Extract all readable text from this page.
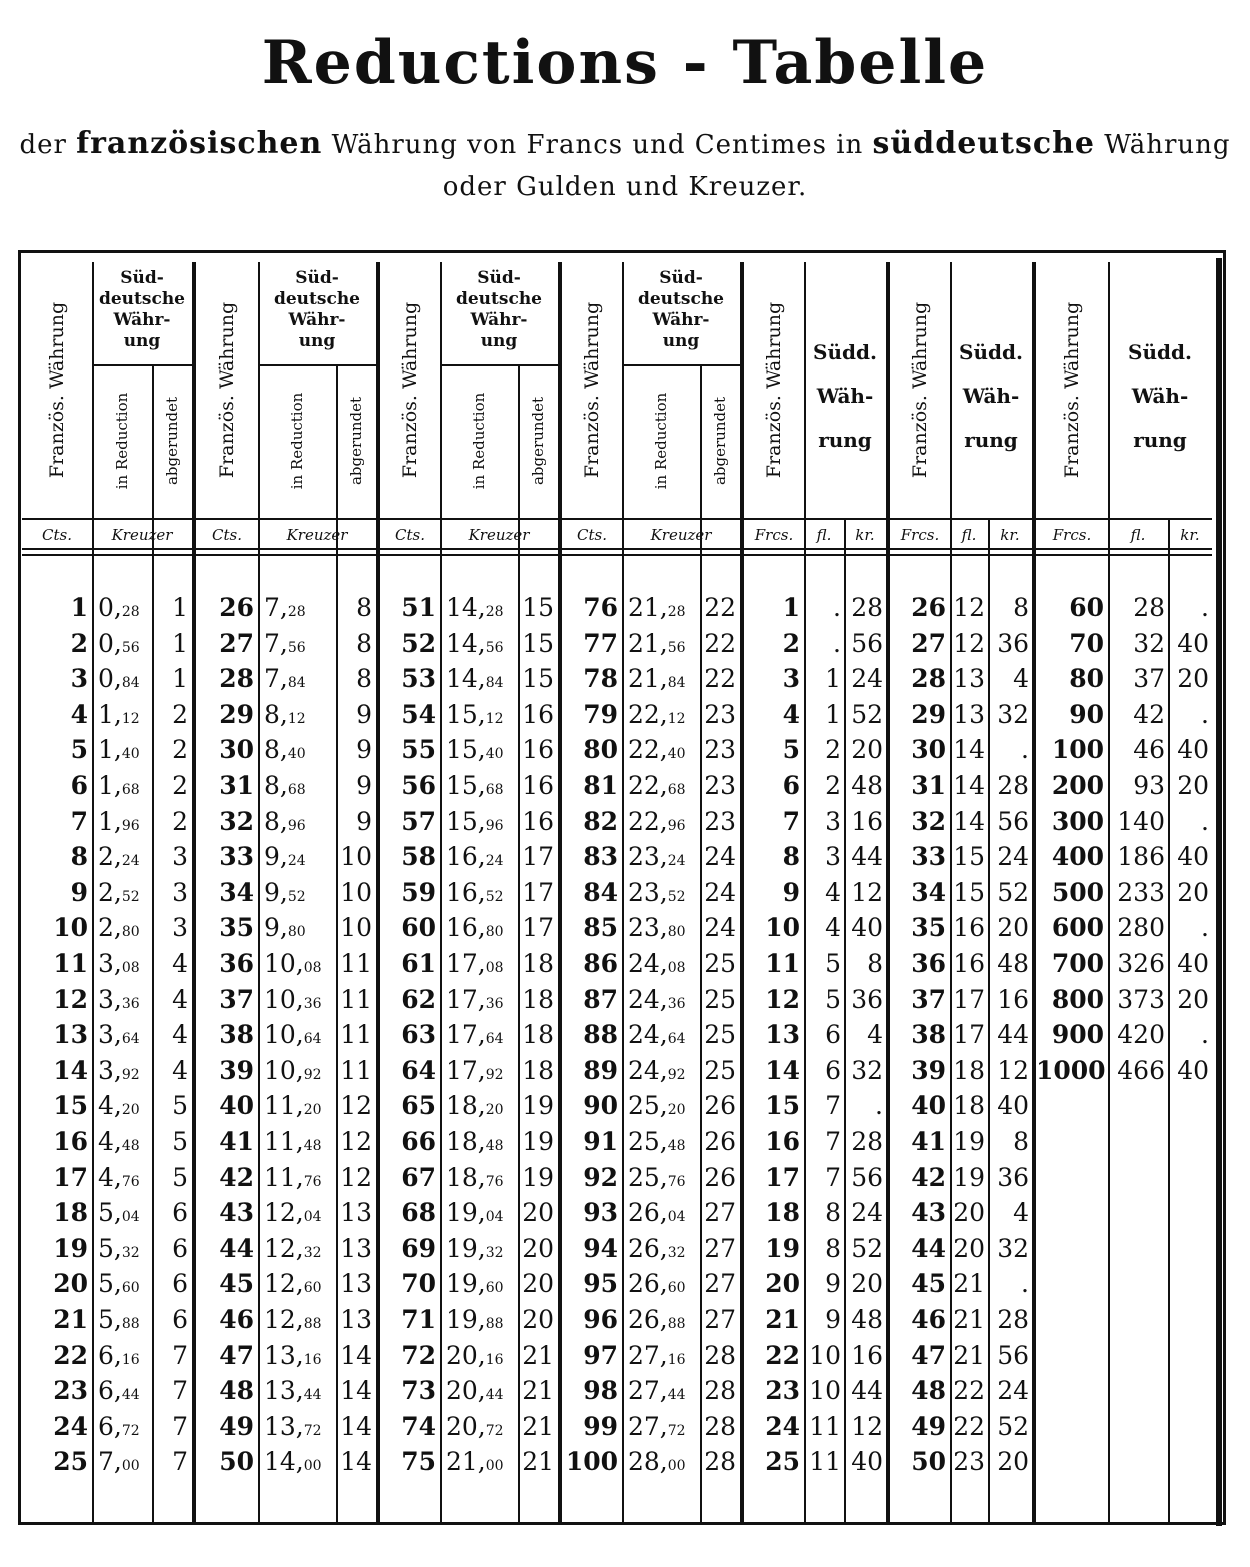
Reductions - Tabelle
der französischen Währung von Francs und Centimes in süddeutsche Währung
oder Gulden und Kreuzer.
Französ. Währung
Süd-
deutsche
Währ-
ung
in Reduction	abgerundet
Cts.	Kreuzer
Französ. Währung
Süd-
deutsche
Währ-
ung
in Reduction	abgerundet
Cts.	Kreuzer
Französ. Währung
Süd-
deutsche
Währ-
ung
in Reduction	abgerundet
Cts.	Kreuzer
Französ. Währung
Süd-
deutsche
Währ-
ung
in Reduction	abgerundet
Cts.	Kreuzer
Französ. Währung	Südd.
Wäh-
rung
Frcs.	fl.	kr.
Französ. Währung	Südd.
Wäh-
rung
Frcs.	fl.	kr.
Französ. Währung	Südd.
Wäh-
rung
Frcs.	fl.	kr.
1 0,28	1
2 0,56	1
3 0,84	1
4 1,12	2
5 1,40	2
6 1,68	2
7 1,96	2
8 2,24	3
9 2,52	3
10 2,80	3
11 3,08	4
12 3,36	4
13 3,64	4
14 3,92	4
15 4,20	5
16 4,48	5
17 4,76	5
18 5,04	6
19 5,32	6
20 5,60	6
21 5,88	6
22 6,16	7
23 6,44	7
24 6,72	7
25 7,00	7
26 7,28	8
27 7,56	8
28 7,84	8
29 8,12	9
30 8,40	9
31 8,68	9
32 8,96	9
33 9,24 10
34 9,52 10
35 9,80 10
36 10,08 11
37 10,36 11
38 10,64 11
39 10,92 11
40 11,20 12
41 11,48 12
42 11,76 12
43 12,04 13
44 12,32 13
45 12,60 13
46 12,88 13
47 13,16 14
48 13,44 14
49 13,72 14
50 14,00 14
51 14,28 15
52 14,56 15
53 14,84 15
54 15,12 16
55 15,40 16
56 15,68 16
57 15,96 16
58 16,24 17
59 16,52 17
60 16,80 17
61 17,08 18
62 17,36 18
63 17,64 18
64 17,92 18
65 18,20 19
66 18,48 19
67 18,76 19
68 19,04 20
69 19,32 20
70 19,60 20
71 19,88 20
72 20,16 21
73 20,44 21
74 20,72 21
75 21,00 21
76 21,28 22
77 21,56 22
78 21,84 22
79 22,12 23
80 22,40 23
81 22,68 23
82 22,96 23
83 23,24 24
84 23,52 24
85 23,80 24
86 24,08 25
87 24,36 25
88 24,64 25
89 24,92 25
90 25,20 26
91 25,48 26
92 25,76 26
93 26,04 27
94 26,32 27
95 26,60 27
96 26,88 27
97 27,16 28
98 27,44 28
99 27,72 28
100 28,00 28
1	. 28
2	. 56
3	1 24
4	1 52
5	2 20
6	2 48
7	3 16
8	3 44
9	4 12
10	4 40
11	5	8
12	5 36
13	6	4
14	6 32
15	7	.
16	7 28
17	7 56
18	8 24
19	8 52
20	9 20
21	9 48
22 10 16
23 10 44
24 11 12
25 11 40
26 12	8
27 12 36
28 13	4
29 13 32
30 14	.
31 14 28
32 14 56
33 15 24
34 15 52
35 16 20
36 16 48
37 17 16
38 17 44
39 18 12
40 18 40
41 19	8
42 19 36
43 20	4
44 20 32
45 21	.
46 21 28
47 21 56
48 22 24
49 22 52
50 23 20
60	28	.
70	32 40
80	37 20
90	42	.
100	46 40
200	93 20
300 140	.
400 186 40
500 233 20
600 280	.
700 326 40
800 373 20
900 420	.
1000 466 40
